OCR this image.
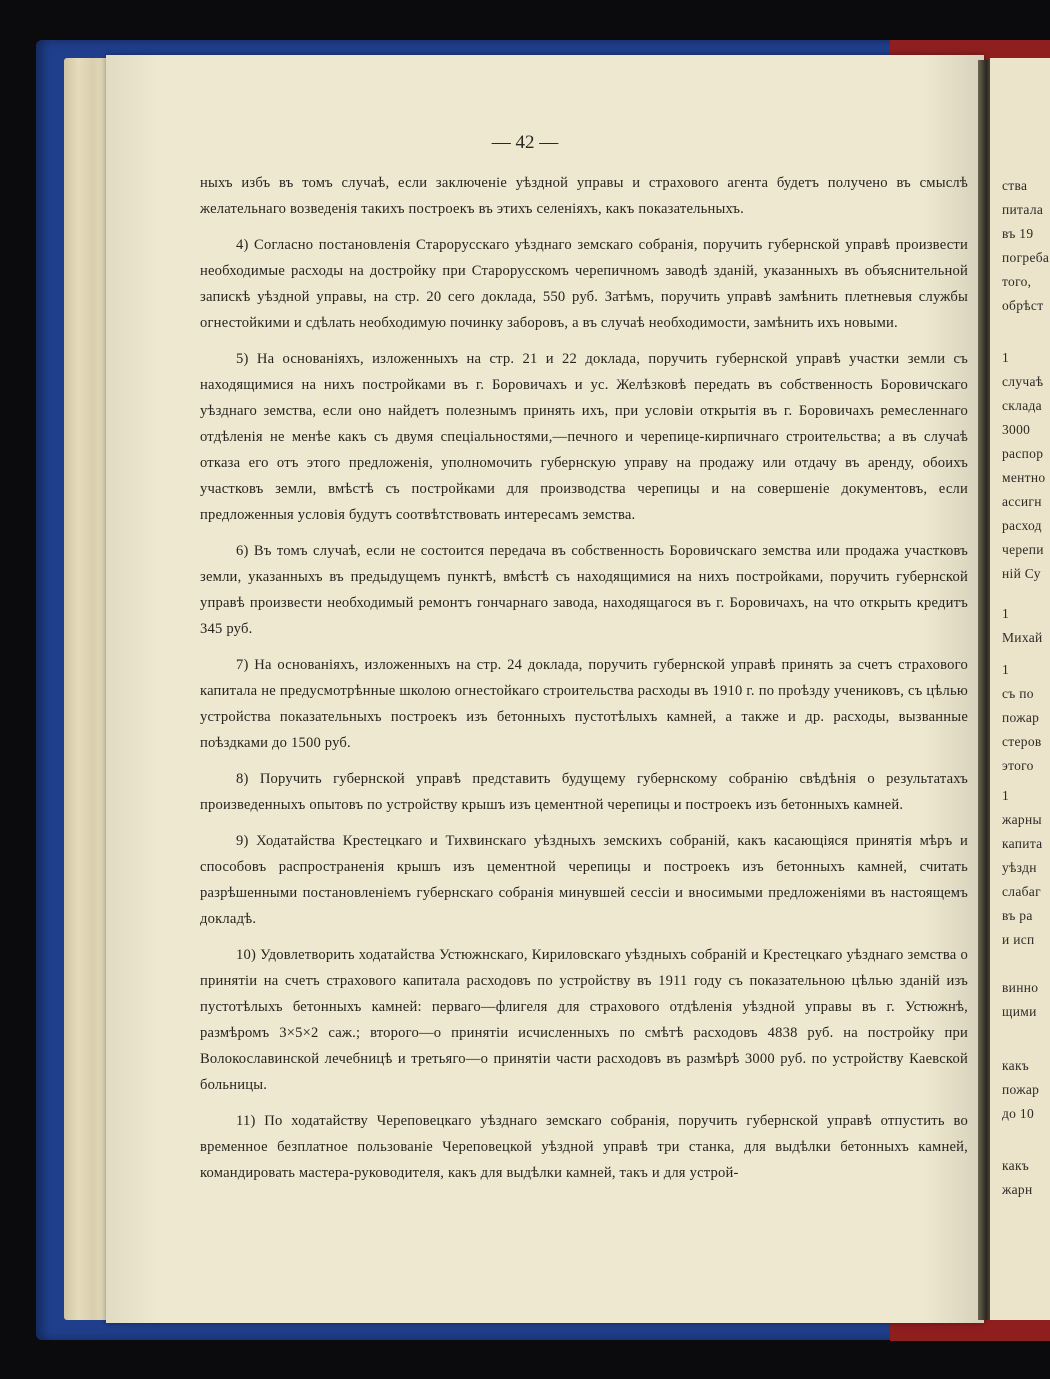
ства
питала
въ 19
погреба
того,
обрѣст
1
случаѣ
склада
3000
распор
ментно
ассигн
расход
черепи
ній Су
1
Михай
1
съ по
пожар
стеров
этого
1
жарны
капита
уѣздн
слабаг
въ ра
и исп
винно
щими
какъ
пожар
до 10
какъ
жарн
— 42 —

ныхъ избъ въ томъ случаѣ, если заключеніе уѣздной управы и страхового агента будетъ получено въ смыслѣ желательнаго возведенія такихъ построекъ въ этихъ селеніяхъ, какъ показательныхъ.

4) Согласно постановленія Старорусскаго уѣзднаго земскаго собранія, поручить губернской управѣ произвести необходимые расходы на достройку при Старорусскомъ черепичномъ заводѣ зданій, указанныхъ въ объяснительной запискѣ уѣздной управы, на стр. 20 сего доклада, 550 руб. Затѣмъ, поручить управѣ замѣнить плетневыя службы огнестойкими и сдѣлать необходимую починку заборовъ, а въ случаѣ необходимости, замѣнить ихъ новыми.

5) На основаніяхъ, изложенныхъ на стр. 21 и 22 доклада, поручить губернской управѣ участки земли съ находящимися на нихъ постройками въ г. Боровичахъ и ус. Желѣзковѣ передать въ собственность Боровичскаго уѣзднаго земства, если оно найдетъ полезнымъ принять ихъ, при условіи открытія въ г. Боровичахъ ремесленнаго отдѣленія не менѣе какъ съ двумя спеціальностями,—печного и черепице-кирпичнаго строительства; а въ случаѣ отказа его отъ этого предложенія, уполномочить губернскую управу на продажу или отдачу въ аренду, обоихъ участковъ земли, вмѣстѣ съ постройками для производства черепицы и на совершеніе документовъ, если предложенныя условія будутъ соотвѣтствовать интересамъ земства.

6) Въ томъ случаѣ, если не состоится передача въ собственность Боровичскаго земства или продажа участковъ земли, указанныхъ въ предыдущемъ пунктѣ, вмѣстѣ съ находящимися на нихъ постройками, поручить губернской управѣ произвести необходимый ремонтъ гончарнаго завода, находящагося въ г. Боровичахъ, на что открыть кредитъ 345 руб.

7) На основаніяхъ, изложенныхъ на стр. 24 доклада, поручить губернской управѣ принять за счетъ страхового капитала не предусмотрѣнные школою огнестойкаго строительства расходы въ 1910 г. по проѣзду учениковъ, съ цѣлью устройства показательныхъ построекъ изъ бетонныхъ пустотѣлыхъ камней, а также и др. расходы, вызванные поѣздками до 1500 руб.

8) Поручить губернской управѣ представить будущему губернскому собранію свѣдѣнія о результатахъ произведенныхъ опытовъ по устройству крышъ изъ цементной черепицы и построекъ изъ бетонныхъ камней.

9) Ходатайства Крестецкаго и Тихвинскаго уѣздныхъ земскихъ собраній, какъ касающіяся принятія мѣръ и способовъ распространенія крышъ изъ цементной черепицы и построекъ изъ бетонныхъ камней, считать разрѣшенными постановленіемъ губернскаго собранія минувшей сессіи и вносимыми предложеніями въ настоящемъ докладѣ.

10) Удовлетворить ходатайства Устюжнскаго, Кириловскаго уѣздныхъ собраній и Крестецкаго уѣзднаго земства о принятіи на счетъ страхового капитала расходовъ по устройству въ 1911 году съ показательною цѣлью зданій изъ пустотѣлыхъ бетонныхъ камней: перваго—флигеля для страхового отдѣленія уѣздной управы въ г. Устюжнѣ, размѣромъ 3×5×2 саж.; второго—о принятіи исчисленныхъ по смѣтѣ расходовъ 4838 руб. на постройку при Волокославинской лечебницѣ и третьяго—о принятіи части расходовъ въ размѣрѣ 3000 руб. по устройству Каевской больницы.

11) По ходатайству Череповецкаго уѣзднаго земскаго собранія, поручить губернской управѣ отпустить во временное безплатное пользованіе Череповецкой уѣздной управѣ три станка, для выдѣлки бетонныхъ камней, командировать мастера-руководителя, какъ для выдѣлки камней, такъ и для устрой-
